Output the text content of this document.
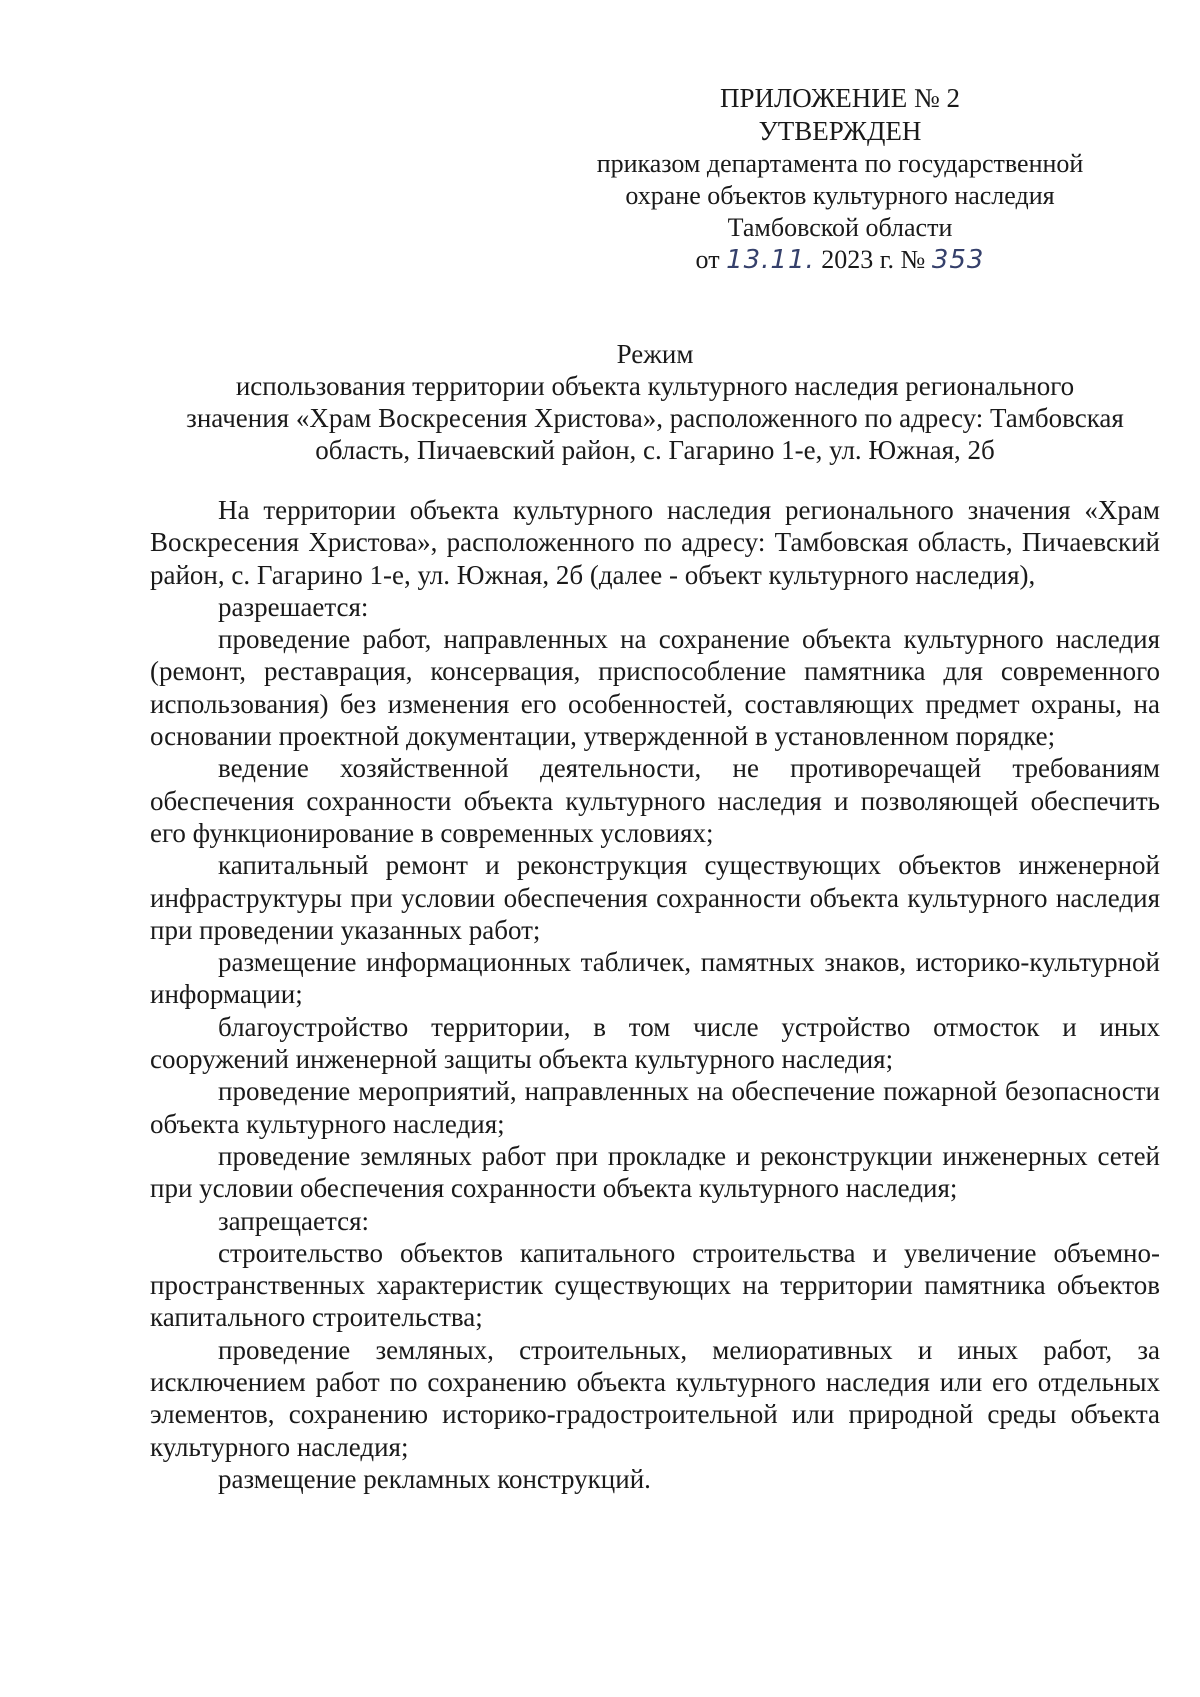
ПРИЛОЖЕНИЕ № 2
УТВЕРЖДЕН
приказом департамента по государственной
охране объектов культурного наследия
Тамбовской области
от 13.11. 2023 г. № 353
Режим
использования территории объекта культурного наследия регионального
значения «Храм Воскресения Христова», расположенного по адресу: Тамбовская
область, Пичаевский район, с. Гагарино 1-е, ул. Южная, 2б

На территории объекта культурного наследия регионального значения «Храм Воскресения Христова», расположенного по адресу: Тамбовская область, Пичаевский район, с. Гагарино 1-е, ул. Южная, 2б (далее - объект культурного наследия),

разрешается:

проведение работ, направленных на сохранение объекта культурного наследия (ремонт, реставрация, консервация, приспособление памятника для современного использования) без изменения его особенностей, составляющих предмет охраны, на основании проектной документации, утвержденной в установленном порядке;

ведение хозяйственной деятельности, не противоречащей требованиям обеспечения сохранности объекта культурного наследия и позволяющей обеспечить его функционирование в современных условиях;

капитальный ремонт и реконструкция существующих объектов инженерной инфраструктуры при условии обеспечения сохранности объекта культурного наследия при проведении указанных работ;

размещение информационных табличек, памятных знаков, историко-культурной информации;

благоустройство территории, в том числе устройство отмосток и иных сооружений инженерной защиты объекта культурного наследия;

проведение мероприятий, направленных на обеспечение пожарной безопасности объекта культурного наследия;

проведение земляных работ при прокладке и реконструкции инженерных сетей при условии обеспечения сохранности объекта культурного наследия;

запрещается:

строительство объектов капитального строительства и увеличение объемно-пространственных характеристик существующих на территории памятника объектов капитального строительства;

проведение земляных, строительных, мелиоративных и иных работ, за исключением работ по сохранению объекта культурного наследия или его отдельных элементов, сохранению историко-градостроительной или природной среды объекта культурного наследия;

размещение рекламных конструкций.
